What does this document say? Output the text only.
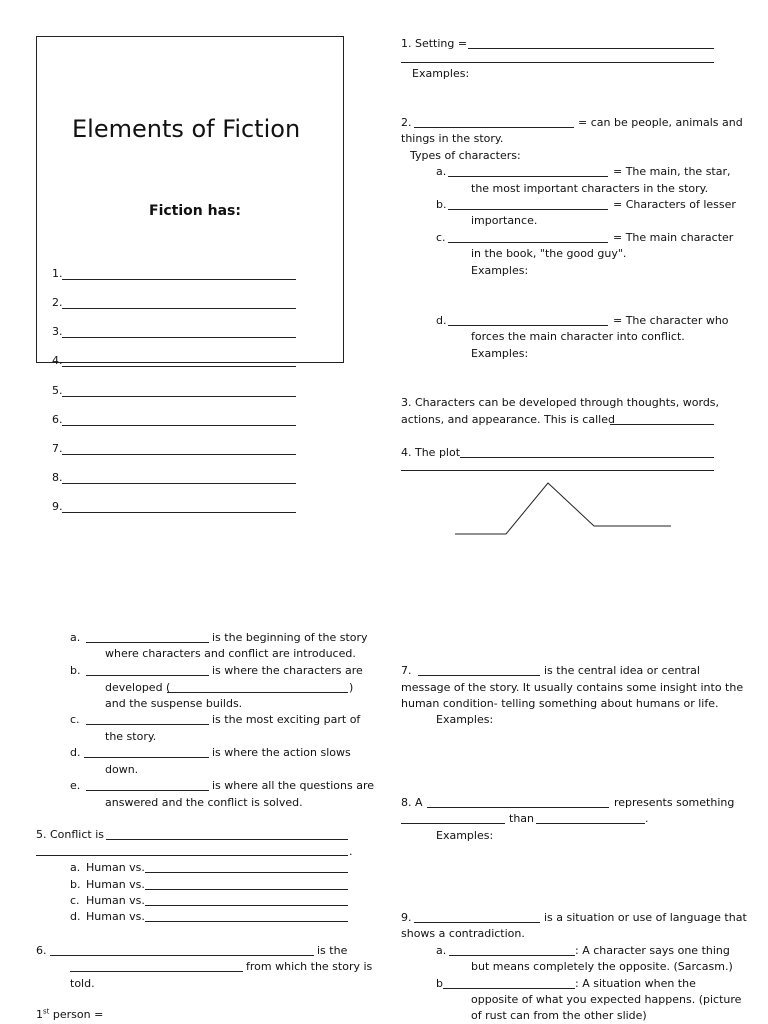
Elements of Fiction
Fiction has:
1.
2.
3.
4.
5.
6.
7.
8.
9.
1. Setting =
Examples:
2.	= can be people, animals and
things in the story.
Types of characters:
a.	= The main, the star,
the most important characters in the story.
b.	= Characters of lesser
importance.
c.	= The main character
in the book, "the good guy".
Examples:
d.	= The character who
forces the main character into conflict.
Examples:
3. Characters can be developed through thoughts, words,
actions, and appearance. This is called
4. The plot
a.	is the beginning of the story
where characters and conflict are introduced.
b.	is where the characters are
developed (	)
and the suspense builds.
c.	is the most exciting part of
the story.
d.	is where the action slows
down.
e.	is where all the questions are
answered and the conflict is solved.
5. Conflict is
.
a. Human vs.
b. Human vs.
c. Human vs.
d. Human vs.
6.	is the
from which the story is
told.
1st person =
7.	is the central idea or central
message of the story. It usually contains some insight into the
human condition- telling something about humans or life.
Examples:
8. A	represents something
than	.
Examples:
9.	is a situation or use of language that
shows a contradiction.
a.	: A character says one thing
but means completely the opposite. (Sarcasm.)
b	: A situation when the
opposite of what you expected happens. (picture
of rust can from the other slide)
